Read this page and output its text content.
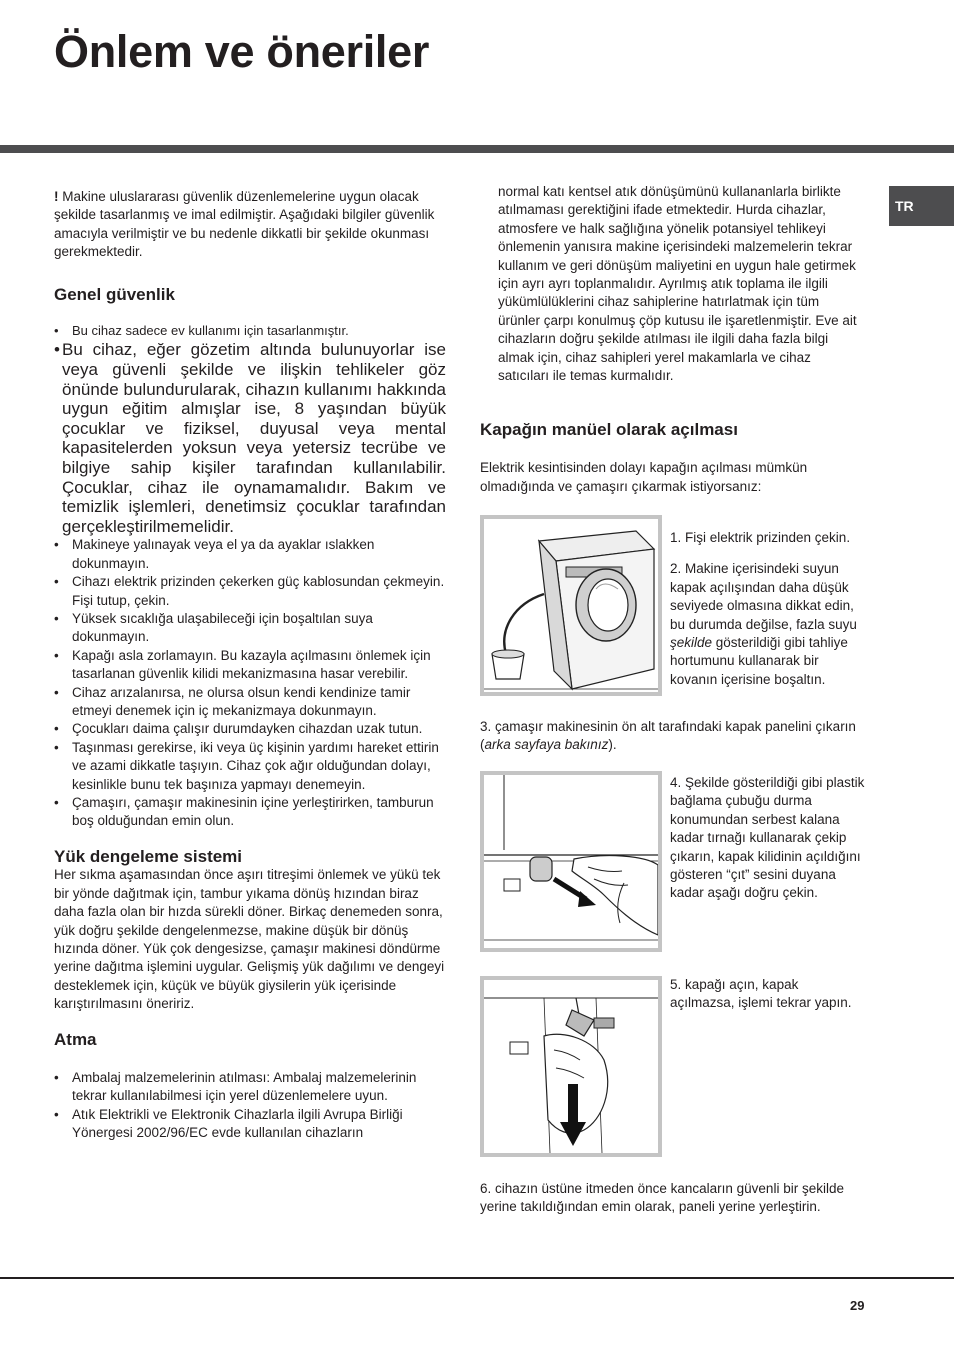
Önlem ve öneriler
TR

! Makine uluslararası güvenlik düzenlemelerine uygun olacak şekilde tasarlanmış ve imal edilmiştir. Aşağıdaki bilgiler güvenlik amacıyla verilmiştir ve bu nedenle dikkatli bir şekilde okunması gerekmektedir.

Genel güvenlik

• Bu cihaz sadece ev kullanımı için tasarlanmıştır.
• Bu cihaz, eğer gözetim altında bulunuyorlar ise veya güvenli şekilde ve ilişkin tehlikeler göz önünde bulundurularak, cihazın kullanımı hakkında uygun eğitim almışlar ise, 8 yaşından büyük çocuklar ve fiziksel, duyusal veya mental kapasitelerden yoksun veya yetersiz tecrübe ve bilgiye sahip kişiler tarafından kullanılabilir. Çocuklar, cihaz ile oynamamalıdır. Bakım ve temizlik işlemleri, denetimsiz çocuklar tarafından gerçekleştirilmemelidir.
• Makineye yalınayak veya el ya da ayaklar ıslakken dokunmayın.
• Cihazı elektrik prizinden çekerken güç kablosundan çekmeyin. Fişi tutup, çekin.
• Yüksek sıcaklığa ulaşabileceği için boşaltılan suya dokunmayın.
• Kapağı asla zorlamayın. Bu kazayla açılmasını önlemek için tasarlanan güvenlik kilidi mekanizmasına hasar verebilir.
• Cihaz arızalanırsa, ne olursa olsun kendi kendinize tamir etmeyi denemek için iç mekanizmaya dokunmayın.
• Çocukları daima çalışır durumdayken cihazdan uzak tutun.
• Taşınması gerekirse, iki veya üç kişinin yardımı hareket ettirin ve azami dikkatle taşıyın. Cihaz çok ağır olduğundan dolayı, kesinlikle bunu tek başınıza yapmayı denemeyin.
• Çamaşırı, çamaşır makinesinin içine yerleştirirken, tamburun boş olduğundan emin olun.

Yük dengeleme sistemi

Her sıkma aşamasından önce aşırı titreşimi önlemek ve yükü tek bir yönde dağıtmak için, tambur yıkama dönüş hızından biraz daha fazla olan bir hızda sürekli döner. Birkaç denemeden sonra, yük doğru şekilde dengelenmezse, makine düşük bir dönüş hızında döner. Yük çok dengesizse, çamaşır makinesi döndürme yerine dağıtma işlemini uygular. Gelişmiş yük dağılımı ve dengeyi desteklemek için, küçük ve büyük giysilerin yük içerisinde karıştırılmasını öneririz.

Atma

• Ambalaj malzemelerinin atılması: Ambalaj malzemelerinin tekrar kullanılabilmesi için yerel düzenlemelere uyun.
• Atık Elektrikli ve Elektronik Cihazlarla ilgili Avrupa Birliği Yönergesi 2002/96/EC evde kullanılan cihazların

normal katı kentsel atık dönüşümünü kullananlarla birlikte atılmaması gerektiğini ifade etmektedir. Hurda cihazlar, atmosfere ve halk sağlığına yönelik potansiyel tehlikeyi önlemenin yanısıra makine içerisindeki malzemelerin tekrar kullanım ve geri dönüşüm maliyetini en uygun hale getirmek için ayrı ayrı toplanmalıdır. Ayrılmış atık toplama ile ilgili yükümlülüklerini cihaz sahiplerine hatırlatmak için tüm ürünler çarpı konulmuş çöp kutusu ile işaretlenmiştir. Eve ait cihazların doğru şekilde atılması ile ilgili daha fazla bilgi almak için, cihaz sahipleri yerel makamlarla ve cihaz satıcıları ile temas kurmalıdır.

Kapağın manüel olarak açılması

Elektrik kesintisinden dolayı kapağın açılması mümkün olmadığında ve çamaşırı çıkarmak istiyorsanız:

1. Fişi elektrik prizinden çekin.

2. Makine içerisindeki suyun kapak açılışından daha düşük seviyede olmasına dikkat edin, bu durumda değilse, fazla suyu şekilde gösterildiği gibi tahliye hortumunu kullanarak bir kovanın içerisine boşaltın.

3. çamaşır makinesinin ön alt tarafındaki kapak panelini çıkarın (arka sayfaya bakınız).

4. Şekilde gösterildiği gibi plastik bağlama çubuğu durma konumundan serbest kalana kadar tırnağı kullanarak çekip çıkarın, kapak kilidinin açıldığını gösteren “çıt” sesini duyana kadar aşağı doğru çekin.
5. kapağı açın, kapak açılmazsa, işlemi tekrar yapın.
6. cihazın üstüne itmeden önce kancaların güvenli bir şekilde yerine takıldığından emin olarak, paneli yerine yerleştirin.
29
